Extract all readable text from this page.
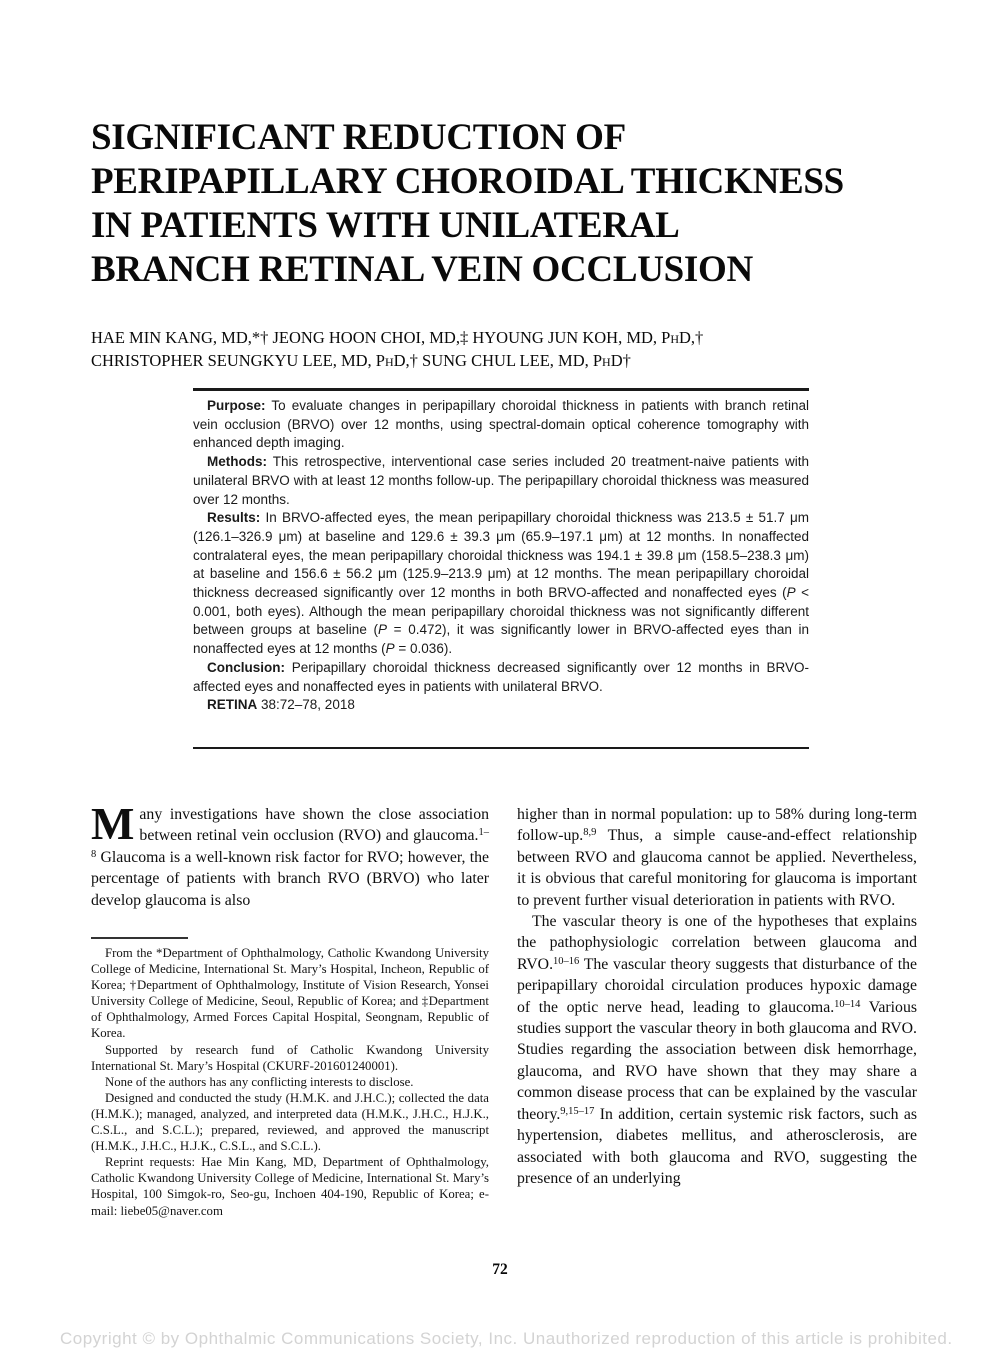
SIGNIFICANT REDUCTION OF
PERIPAPILLARY CHOROIDAL THICKNESS
IN PATIENTS WITH UNILATERAL
BRANCH RETINAL VEIN OCCLUSION
HAE MIN KANG, MD,*† JEONG HOON CHOI, MD,‡ HYOUNG JUN KOH, MD, PhD,†
CHRISTOPHER SEUNGKYU LEE, MD, PhD,† SUNG CHUL LEE, MD, PhD†

Purpose: To evaluate changes in peripapillary choroidal thickness in patients with branch retinal vein occlusion (BRVO) over 12 months, using spectral-domain optical coherence tomography with enhanced depth imaging.

Methods: This retrospective, interventional case series included 20 treatment-naive patients with unilateral BRVO with at least 12 months follow-up. The peripapillary choroidal thickness was measured over 12 months.

Results: In BRVO-affected eyes, the mean peripapillary choroidal thickness was 213.5 ± 51.7 μm (126.1–326.9 μm) at baseline and 129.6 ± 39.3 μm (65.9–197.1 μm) at 12 months. In nonaffected contralateral eyes, the mean peripapillary choroidal thickness was 194.1 ± 39.8 μm (158.5–238.3 μm) at baseline and 156.6 ± 56.2 μm (125.9–213.9 μm) at 12 months. The mean peripapillary choroidal thickness decreased significantly over 12 months in both BRVO-affected and nonaffected eyes (P < 0.001, both eyes). Although the mean peripapillary choroidal thickness was not significantly different between groups at baseline (P = 0.472), it was significantly lower in BRVO-affected eyes than in nonaffected eyes at 12 months (P = 0.036).

Conclusion: Peripapillary choroidal thickness decreased significantly over 12 months in BRVO-affected eyes and nonaffected eyes in patients with unilateral BRVO.

RETINA 38:72–78, 2018

Many investigations have shown the close association between retinal vein occlusion (RVO) and glaucoma.$^{1-8}$ Glaucoma is a well-known risk factor for RVO; however, the percentage of patients with branch RVO (BRVO) who later develop glaucoma is also

higher than in normal population: up to 58% during long-term follow-up.$^{8,9}$ Thus, a simple cause-and-effect relationship between RVO and glaucoma cannot be applied. Nevertheless, it is obvious that careful monitoring for glaucoma is important to prevent further visual deterioration in patients with RVO.

The vascular theory is one of the hypotheses that explains the pathophysiologic correlation between glaucoma and RVO.$^{10-16}$ The vascular theory suggests that disturbance of the peripapillary choroidal circulation produces hypoxic damage of the optic nerve head, leading to glaucoma.$^{10-14}$ Various studies support the vascular theory in both glaucoma and RVO. Studies regarding the association between disk hemorrhage, glaucoma, and RVO have shown that they may share a common disease process that can be explained by the vascular theory.$^{9,15-17}$ In addition, certain systemic risk factors, such as hypertension, diabetes mellitus, and atherosclerosis, are associated with both glaucoma and RVO, suggesting the presence of an underlying

From the *Department of Ophthalmology, Catholic Kwandong University College of Medicine, International St. Mary’s Hospital, Incheon, Republic of Korea; †Department of Ophthalmology, Institute of Vision Research, Yonsei University College of Medicine, Seoul, Republic of Korea; and ‡Department of Ophthalmology, Armed Forces Capital Hospital, Seongnam, Republic of Korea.

Supported by research fund of Catholic Kwandong University International St. Mary’s Hospital (CKURF-201601240001).

None of the authors has any conflicting interests to disclose.

Designed and conducted the study (H.M.K. and J.H.C.); collected the data (H.M.K.); managed, analyzed, and interpreted data (H.M.K., J.H.C., H.J.K., C.S.L., and S.C.L.); prepared, reviewed, and approved the manuscript (H.M.K., J.H.C., H.J.K., C.S.L., and S.C.L.).

Reprint requests: Hae Min Kang, MD, Department of Ophthalmology, Catholic Kwandong University College of Medicine, International St. Mary’s Hospital, 100 Simgok-ro, Seo-gu, Inchoen 404-190, Republic of Korea; e-mail: liebe05@naver.com

72
Copyright © by Ophthalmic Communications Society, Inc. Unauthorized reproduction of this article is prohibited.
